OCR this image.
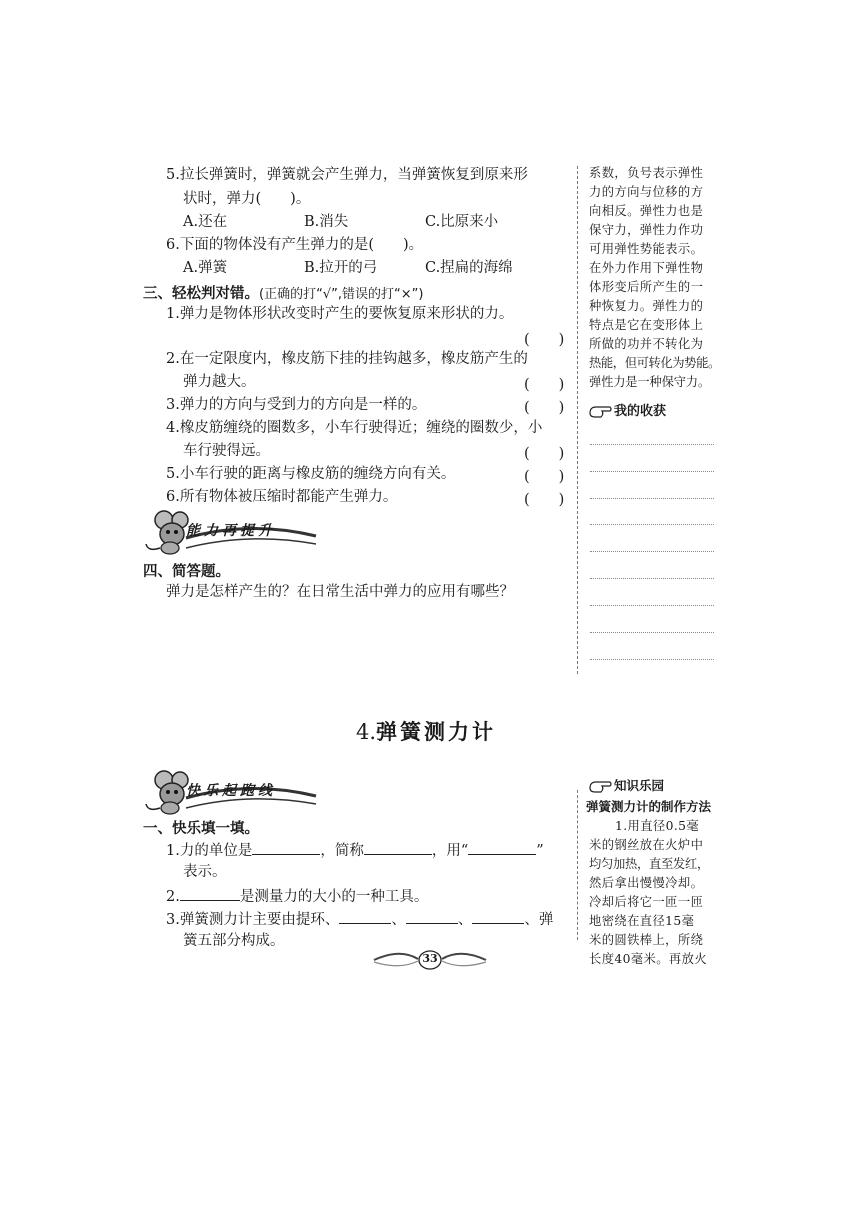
5.拉长弹簧时，弹簧就会产生弹力，当弹簧恢复到原来形
状时，弹力(　　)。
A.还在	B.消失	C.比原来小
6.下面的物体没有产生弹力的是(　　)。
A.弹簧	B.拉开的弓	C.捏扁的海绵
三、轻松判对错。(正确的打“√”,错误的打“×”)
1.弹力是物体形状改变时产生的要恢复原来形状的力。
(　　)
2.在一定限度内，橡皮筋下挂的挂钩越多，橡皮筋产生的
弹力越大。	(　　)
3.弹力的方向与受到力的方向是一样的。	(　　)
4.橡皮筋缠绕的圈数多，小车行驶得近；缠绕的圈数少，小
车行驶得远。	(　　)
5.小车行驶的距离与橡皮筋的缠绕方向有关。	(　　)
6.所有物体被压缩时都能产生弹力。	(　　)
能力再提升
四、简答题。
弹力是怎样产生的？在日常生活中弹力的应用有哪些？
系数，负号表示弹性
力的方向与位移的方
向相反。弹性力也是
保守力，弹性力作功
可用弹性势能表示。
在外力作用下弹性物
体形变后所产生的一
种恢复力。弹性力的
特点是它在变形体上
所做的功并不转化为
热能，但可转化为势能。
弹性力是一种保守力。
我的收获
4.弹簧测力计
快乐起跑线
一、快乐填一填。
1.力的单位是	，简称	，用“	”
表示。
2.	是测量力的大小的一种工具。
3.弹簧测力计主要由提环、	、	、	、弹
簧五部分构成。
知识乐园
弹簧测力计的制作方法
1.用直径0.5毫
米的钢丝放在火炉中
均匀加热，直至发红，
然后拿出慢慢冷却。
冷却后将它一匝一匝
地密绕在直径15毫
米的圆铁棒上，所绕
长度40毫米。再放火
33
